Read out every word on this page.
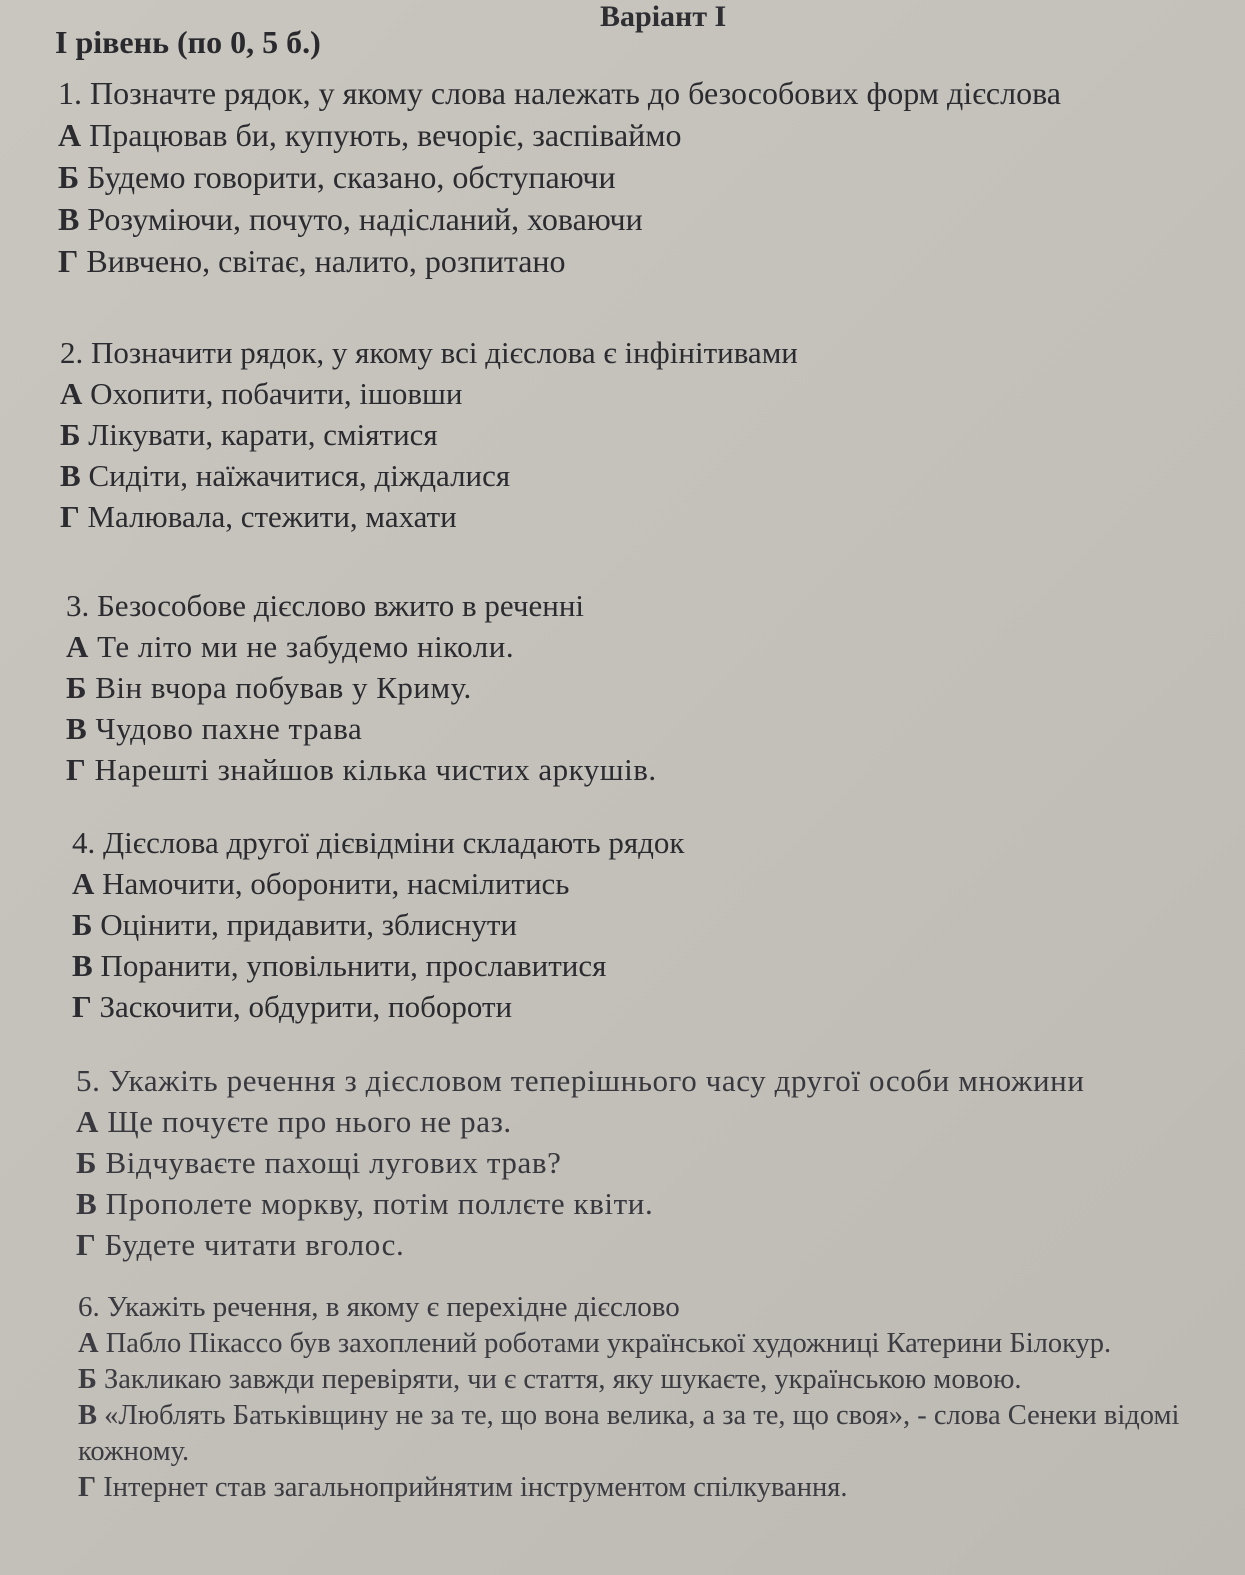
Варіант І
І рівень (по 0, 5 б.)
1. Позначте рядок, у якому слова належать до безособових форм дієслова
А Працював би, купують, вечоріє, заспіваймо
Б Будемо говорити, сказано, обступаючи
В Розуміючи, почуто, надісланий, ховаючи
Г Вивчено, світає, налито, розпитано
2. Позначити рядок, у якому всі дієслова є інфінітивами
А Охопити, побачити, ішовши
Б Лікувати, карати, сміятися
В Сидіти, наїжачитися, діждалися
Г Малювала, стежити, махати
3. Безособове дієслово вжито в реченні
А Те літо ми не забудемо ніколи.
Б Він вчора побував у Криму.
В Чудово пахне трава
Г Нарешті знайшов кілька чистих аркушів.
4. Дієслова другої дієвідміни складають рядок
А Намочити, оборонити, насмілитись
Б Оцінити, придавити, зблиснути
В Поранити, уповільнити, прославитися
Г Заскочити, обдурити, побороти
5. Укажіть речення з дієсловом теперішнього часу другої особи множини
А Ще почуєте про нього не раз.
Б Відчуваєте пахощі лугових трав?
В Прополете моркву, потім поллєте квіти.
Г Будете читати вголос.
6. Укажіть речення, в якому є перехідне дієслово
А Пабло Пікассо був захоплений роботами української художниці Катерини Білокур.
Б Закликаю завжди перевіряти, чи є стаття, яку шукаєте, українською мовою.
В «Люблять Батьківщину не за те, що вона велика, а за те, що своя», - слова Сенеки відомі кожному.
Г Інтернет став загальноприйнятим інструментом спілкування.
